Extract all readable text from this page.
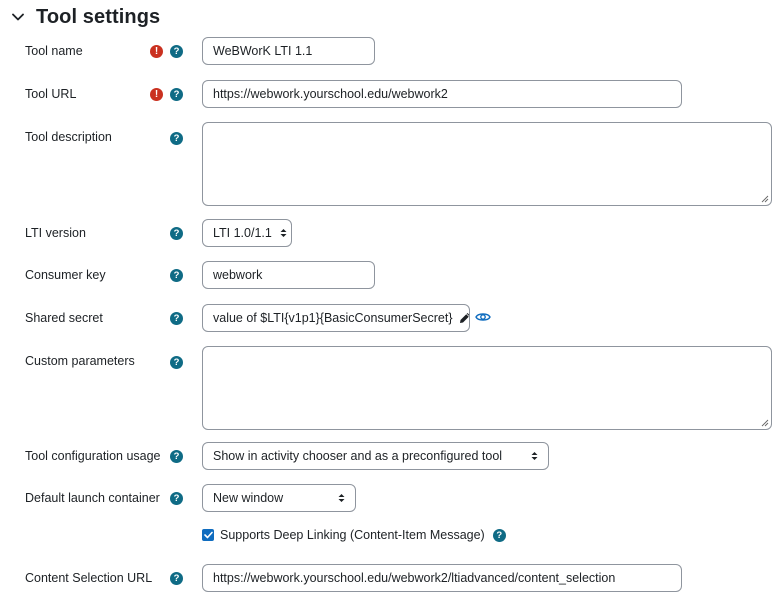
Tool settings
Tool name	!	?	WeBWorK LTI 1.1
Tool URL	!	?	https://webwork.yourschool.edu/webwork2
Tool description	?
LTI version	?	LTI 1.0/1.1
Consumer key	?	webwork
Shared secret	?	value of $LTI{v1p1}{BasicConsumerSecret}
Custom parameters	?
Tool configuration usage	?	Show in activity chooser and as a preconfigured tool
Default launch container	?	New window
Supports Deep Linking (Content-Item Message)	?
Content Selection URL	?	https://webwork.yourschool.edu/webwork2/ltiadvanced/content_selection
